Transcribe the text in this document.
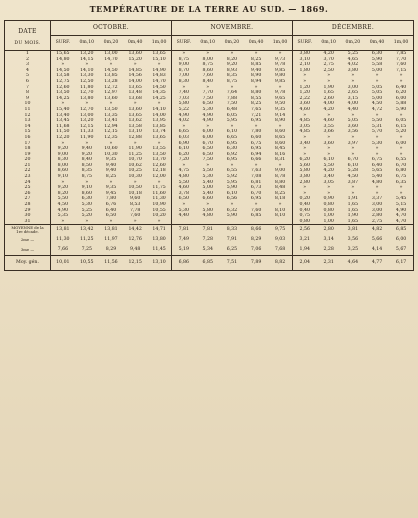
TEMPÉRATURE DE LA TERRE AU SUD. — 1869.
DATE
DU MOIS.	OCTOBRE.					NOVEMBRE.					DÉCEMBRE.				
	SURF.	0m,10	0m,20	0m,40	1m,00	SURF.	0m,10	0m,20	0m,40	1m,00	SURF.	0m,10	0m,20	0m,40	1m,00
1	15,65	13,20	13,00	13,60	13,65	»	»	»	»	»	3,80	4,20	5,25	6,30	7,85
2	14,80	14,15	14,70	15,20	15,10	8,75	8,00	8,20	8,25	9,73	3,10	3,70	4,65	5,90	7,70
3	»	»	»	»	»	9,00	8,75	9,20	8,85	9,78	2,10	2,75	4,02	5,58	7,60
4	14,50	14,10	14,50	14,85	14,90	8,70	8,60	8,93	9,40	9,85	1,80	2,50	3,80	5,00	7,15
5	13,58	13,30	13,85	14,56	14,83	7,00	7,60	8,35	8,90	9,80	»	»	»	»	»
6	12,75	12,50	13,28	14,00	14,70	8,30	8,40	8,75	8,94	9,85	»	»	»	»	»
7	12,60	11,80	12,72	13,65	14,50	»	»	»	»	»	1,20	1,90	3,00	5,05	6,40
8	13,50	12,70	12,97	13,48	14,35	7,40	7,70	7,64	8,80	9,78	1,20	1,65	2,65	5,05	6,20
9	14,25	13,80	13,60	13,68	14,25	7,03	7,50	7,88	8,55	9,65	2,22	2,60	3,15	5,00	6,00
10	»	»	»	»	»	5,80	6,50	7,50	8,25	9,50	3,60	4,00	4,00	4,50	5,88
11	15,40	12,70	13,50	13,60	14,10	5,22	5,30	6,48	7,65	9,35	4,60	4,20	4,40	4,72	5,90
12	13,40	13,00	13,35	13,65	14,00	4,90	4,90	6,05	7,21	9,14	»	»	»	»	»
13	13,45	13,20	13,41	13,62	13,95	4,02	4,90	5,95	6,95	8,90	4,85	4,60	5,05	5,50	6,05
14	11,68	12,15	12,94	13,58	13,85	»	»	»	»	»	3,05	3,55	3,60	5,31	6,15
15	11,50	11,33	12,15	13,10	13,74	6,65	6,00	6,10	7,80	8,60	4,85	3,66	3,56	5,70	5,20
16	12,20	11,90	12,35	12,88	13,65	6,03	6,00	6,65	6,60	8,65	»	»	»	»	»
17	»	»	»	»	»	6,90	6,70	6,95	6,75	8,60	3,40	3,60	3,97	5,30	6,00
18	9,20	9,40	10,60	11,90	13,55	6,10	6,50	6,30	6,95	8,45	»	»	»	»	»
19	9,00	9,20	10,30	11,25	13,50	6,20	6,50	6,92	6,94	8,16	»	»	»	»	»
20	8,30	8,40	9,35	10,70	13,70	7,20	7,50	6,95	6,66	8,31	6,20	6,10	6,70	6,75	6,55
21	8,00	8,50	9,40	10,62	12,60	»	»	»	»	»	5,60	5,50	6,10	6,40	6,70
22	8,60	8,35	9,40	10,25	12,18	4,75	5,50	6,55	7,63	9,00	5,80	4,20	5,28	5,65	6,80
23	9,10	8,75	8,25	10,30	12,00	4,80	5,30	5,92	7,08	8,78	3,80	3,40	4,50	5,40	6,75
24	»	»	»	»	»	5,50	5,40	5,95	6,81	8,80	2,80	3,05	3,87	4,80	6,35
25	9,20	9,10	9,35	10,50	11,75	4,60	5,00	5,90	6,73	8,48	»	»	»	»	»
26	8,20	8,60	9,45	10,18	11,60	3,78	5,40	6,10	6,70	8,25	»	»	»	»	»
27	5,50	6,30	7,80	9,60	11,30	6,50	6,60	6,56	6,95	8,18	0,20	0,90	1,91	3,37	5,45
28	4,50	5,30	6,76	8,53	10,90	»	»	»	»	»	0,40	0,80	1,65	3,00	5,15
29	4,90	5,25	6,40	7,78	10,55	5,30	5,80	6,32	7,60	8,10	0,40	0,80	1,65	3,00	4,90
30	5,35	5,20	6,50	7,60	10,20	4,40	4,80	5,90	6,85	8,10	0,75	1,00	1,90	2,80	4,70
31	»	»	»	»	»						0,80	1,00	1,65	2,75	4,70

MOYENNE de la
1re décade.	13,81	13,42	13,81	14,42	14,71	7,81	7,81	8,33	8,66	9,75	2,56	2,80	3,81	4,82	6,85

2me —	11,30	11,25	11,97	12,76	13,80	7,49	7,28	7,91	8,29	9,03	3,21	3,14	3,56	5,66	6,00

3me —	7,66	7,25	8,29	9,48	11,45	5,19	5,34	6,25	7,06	7,68	1,94	2,28	3,25	4,14	5,67
Moy. gén.	10,01	10,55	11,56	12,15	13,10	6,86	6,85	7,51	7,89	8,82	2,04	2,31	4,64	4,77	6,17
